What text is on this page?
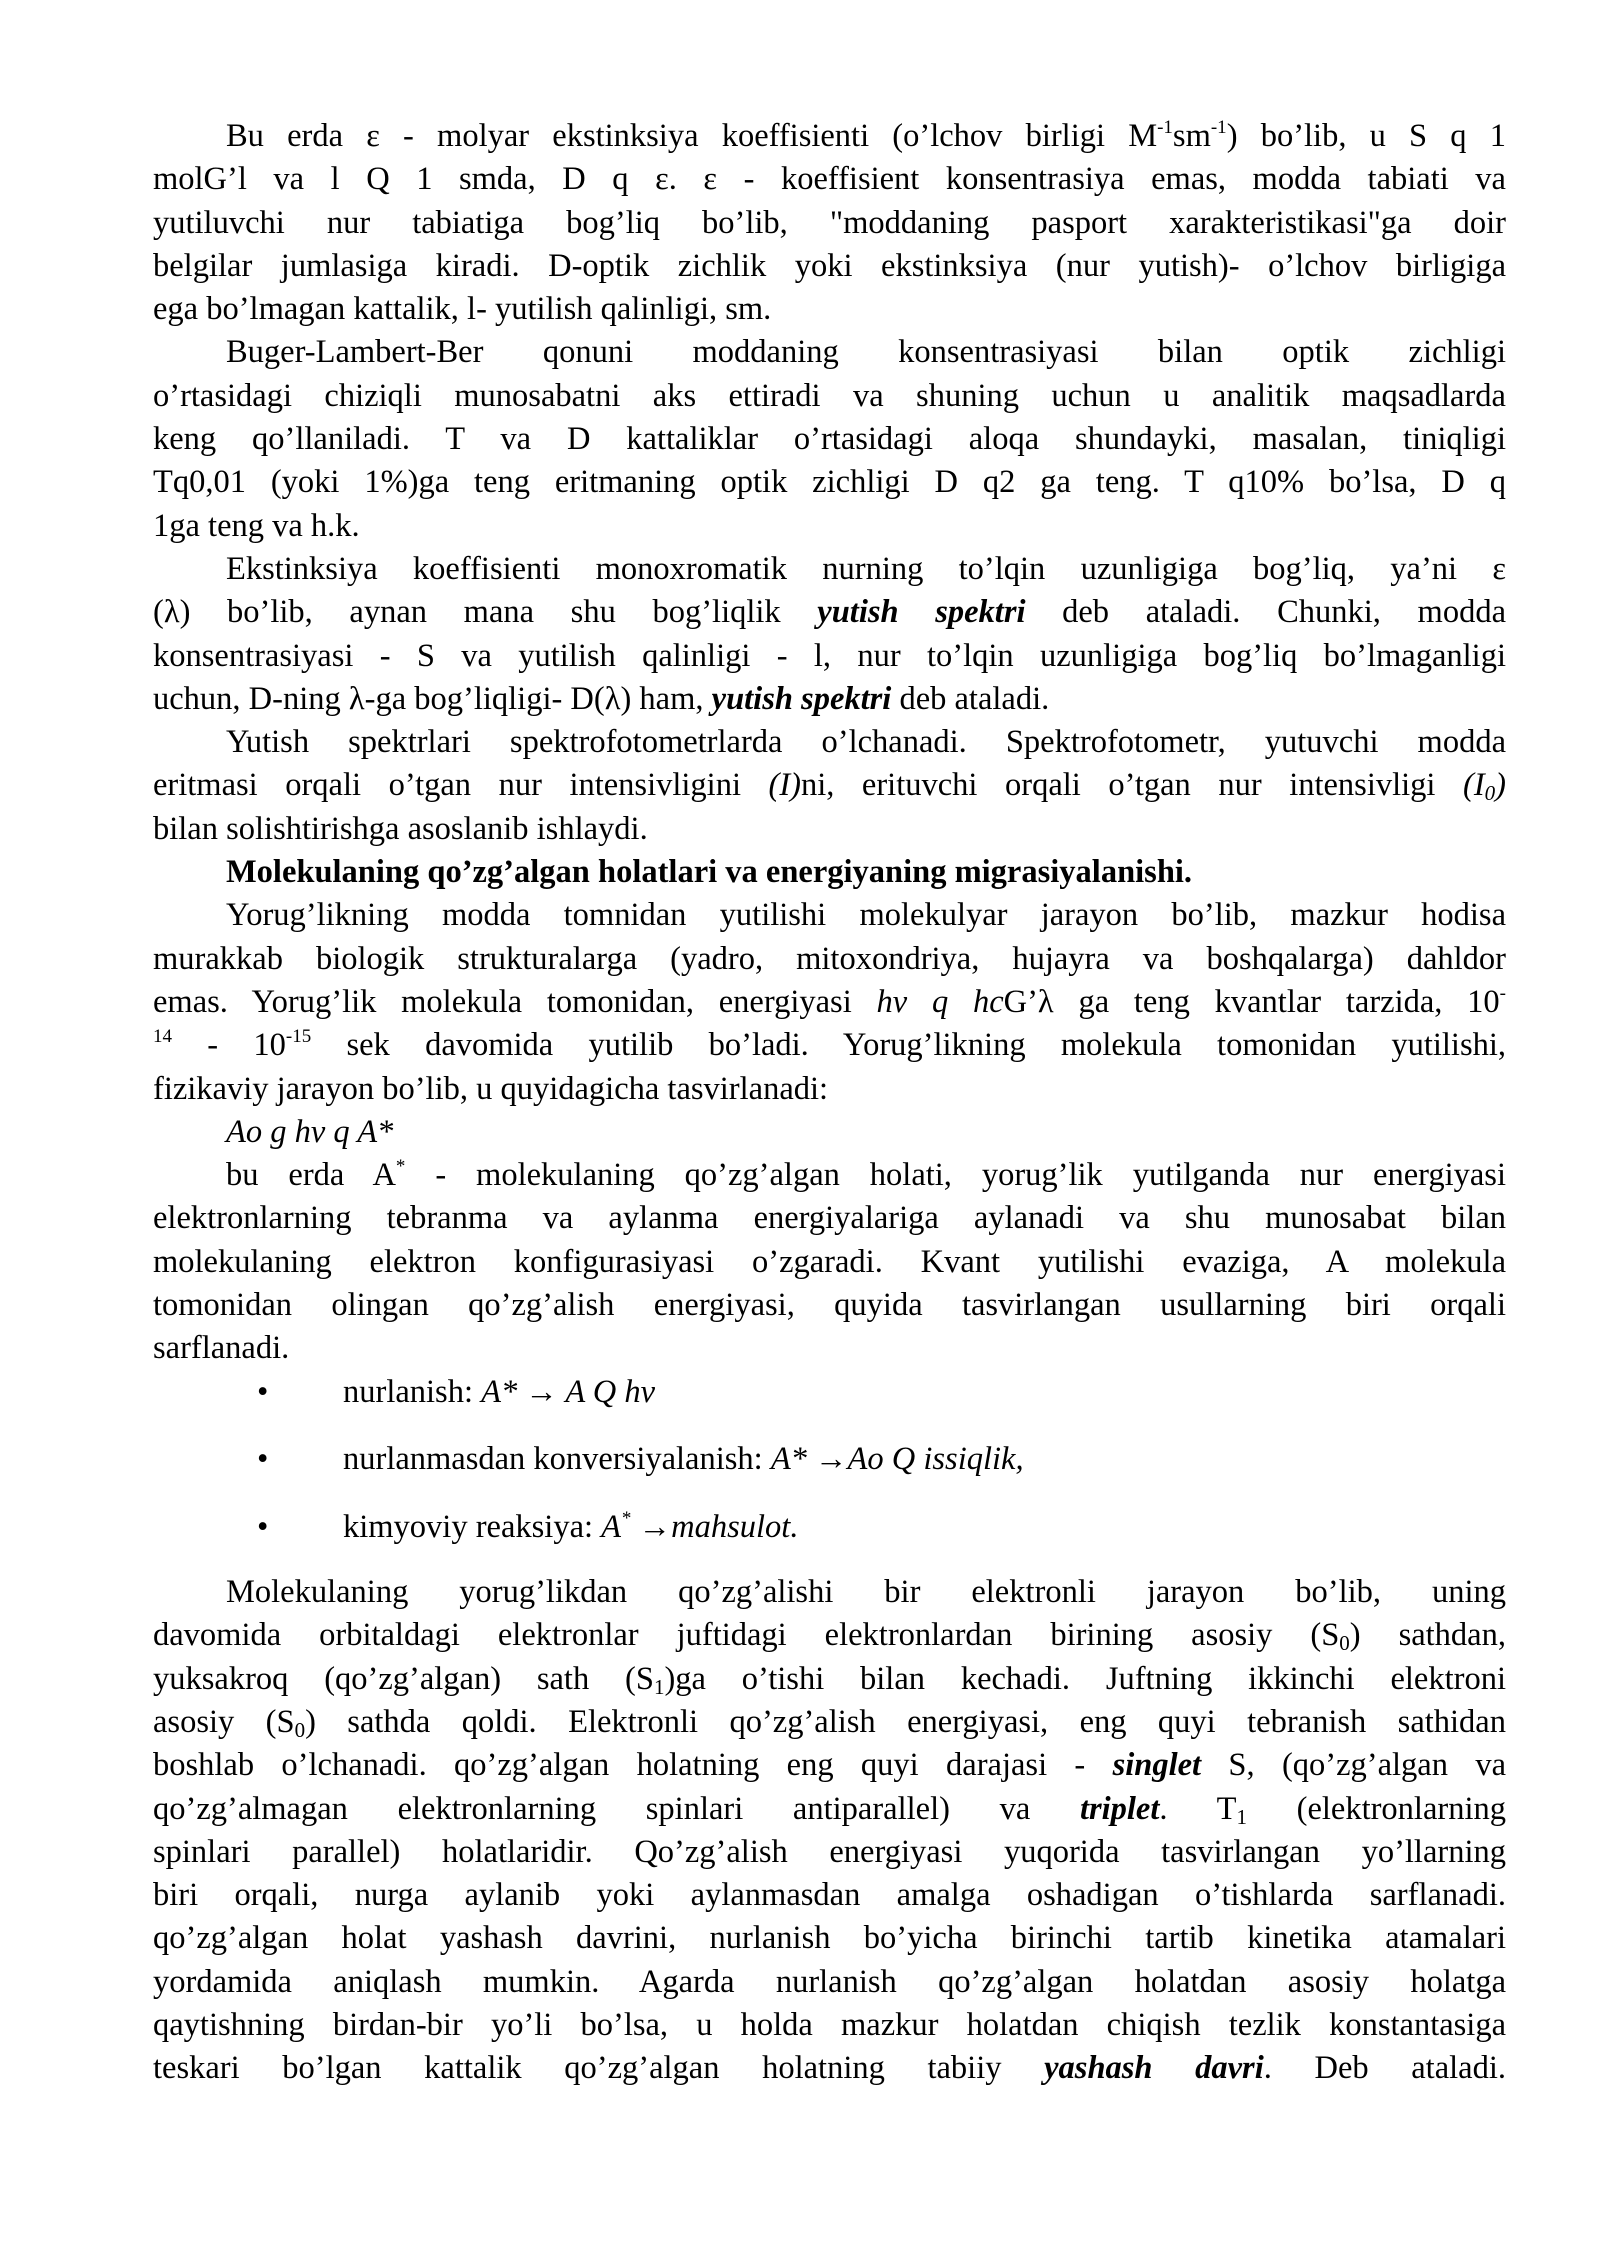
Bu erda ε - molyar ekstinksiya koeffisienti (o’lchov birligi $M^{-1}sm^{-1}$) bo’lib, u S q 1

molG’l va l Q 1 smda, D q ε. ε - koeffisient konsentrasiya emas, modda tabiati va

yutiluvchi nur tabiatiga bog’liq bo’lib, "moddaning pasport xarakteristikasi"ga doir

belgilar jumlasiga kiradi. D-optik zichlik yoki ekstinksiya (nur yutish)- o’lchov birligiga

ega bo’lmagan kattalik, l- yutilish qalinligi, sm.

Buger-Lambert-Ber qonuni moddaning konsentrasiyasi bilan optik zichligi

o’rtasidagi chiziqli munosabatni aks ettiradi va shuning uchun u analitik maqsadlarda

keng qo’llaniladi. T va D kattaliklar o’rtasidagi aloqa shundayki, masalan, tiniqligi

Tq0,01 (yoki 1%)ga teng eritmaning optik zichligi D q2 ga teng. T q10% bo’lsa, D q

1ga teng va h.k.

Ekstinksiya koeffisienti monoxromatik nurning to’lqin uzunligiga bog’liq, ya’ni ε

(λ) bo’lib, aynan mana shu bog’liqlik yutish spektri deb ataladi. Chunki, modda

konsentrasiyasi - S va yutilish qalinligi - l, nur to’lqin uzunligiga bog’liq bo’lmaganligi

uchun, D-ning λ-ga bog’liqligi- D(λ) ham, yutish spektri deb ataladi.

Yutish spektrlari spektrofotometrlarda o’lchanadi. Spektrofotometr, yutuvchi modda

eritmasi orqali o’tgan nur intensivligini (I)ni, erituvchi orqali o’tgan nur intensivligi $(I_0)$

bilan solishtirishga asoslanib ishlaydi.

Molekulaning qo’zg’algan holatlari va energiyaning migrasiyalanishi.

Yorug’likning modda tomnidan yutilishi molekulyar jarayon bo’lib, mazkur hodisa

murakkab biologik strukturalarga (yadro, mitoxondriya, hujayra va boshqalarga) dahldor

emas. Yorug’lik molekula tomonidan, energiyasi hν q hcG’λ ga teng kvantlar tarzida, 10-

$^{14} - 10^{-15}$ sek davomida yutilib bo’ladi. Yorug’likning molekula tomonidan yutilishi,

fizikaviy jarayon bo’lib, u quyidagicha tasvirlanadi:

Ao g hν q A*

bu erda A* - molekulaning qo’zg’algan holati, yorug’lik yutilganda nur energiyasi

elektronlarning tebranma va aylanma energiyalariga aylanadi va shu munosabat bilan

molekulaning elektron konfigurasiyasi o’zgaradi. Kvant yutilishi evaziga, A molekula

tomonidan olingan qo’zg’alish energiyasi, quyida tasvirlangan usullarning biri orqali

sarflanadi.

• nurlanish: A* → A Q hν
• nurlanmasdan konversiyalanish: A* →Ao Q issiqlik,
• kimyoviy reaksiya: A* →mahsulot.

Molekulaning yorug’likdan qo’zg’alishi bir elektronli jarayon bo’lib, uning

davomida orbitaldagi elektronlar juftidagi elektronlardan birining asosiy $(S_0)$ sathdan,

yuksakroq (qo’zg’algan) sath $(S_1)ga$ o’tishi bilan kechadi. Juftning ikkinchi elektroni

asosiy $(S_0)$ sathda qoldi. Elektronli qo’zg’alish energiyasi, eng quyi tebranish sathidan

boshlab o’lchanadi. qo’zg’algan holatning eng quyi darajasi - singlet S, (qo’zg’algan va

qo’zg’almagan elektronlarning spinlari antiparallel) va triplet. $T_1$ (elektronlarning

spinlari parallel) holatlaridir. Qo’zg’alish energiyasi yuqorida tasvirlangan yo’llarning

biri orqali, nurga aylanib yoki aylanmasdan amalga oshadigan o’tishlarda sarflanadi.

qo’zg’algan holat yashash davrini, nurlanish bo’yicha birinchi tartib kinetika atamalari

yordamida aniqlash mumkin. Agarda nurlanish qo’zg’algan holatdan asosiy holatga

qaytishning birdan-bir yo’li bo’lsa, u holda mazkur holatdan chiqish tezlik konstantasiga

teskari bo’lgan kattalik qo’zg’algan holatning tabiiy yashash davri. Deb ataladi.
